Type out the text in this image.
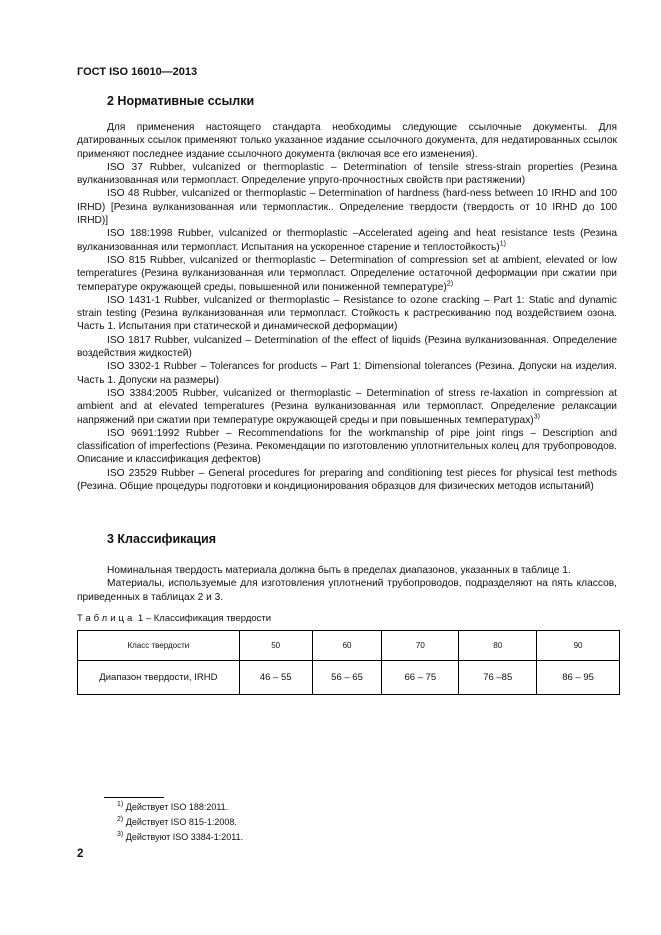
ГОСТ ISO 16010—2013
2 Нормативные ссылки

Для применения настоящего стандарта необходимы следующие ссылочные документы. Для датированных ссылок применяют только указанное издание ссылочного документа, для недатированных ссылок применяют последнее издание ссылочного документа (включая все его изменения).

ISO 37 Rubber, vulcanized or thermoplastic – Determination of tensile stress-strain properties (Резина вулканизованная или термопласт. Определение упруго-прочностных свойств при растяжении)

ISO 48 Rubber, vulcanized or thermoplastic – Determination of hardness (hard-ness between 10 IRHD and 100 IRHD) [Резина вулканизованная или термопластик.. Определение твердости (твердость от 10 IRHD до 100 IRHD)]

ISO 188:1998 Rubber, vulcanized or thermoplastic –Accelerated ageing and heat resistance tests (Резина вулканизованная или термопласт. Испытания на ускоренное старение и теплостойкость)$^{1)}$

ISO 815 Rubber, vulcanized or thermoplastic – Determination of compression set at ambient, elevated or low temperatures (Резина вулканизованная или термопласт. Определение остаточной деформации при сжатии при температуре окружающей среды, повышенной или пониженной температуре)$^{2)}$

ISO 1431-1 Rubber, vulcanized or thermoplastic – Resistance to ozone cracking – Part 1: Static and dynamic strain testing (Резина вулканизованная или термопласт. Стойкость к растрескиванию под воздействием озона. Часть 1. Испытания при статической и динамической деформации)

ISO 1817 Rubber, vulcanized – Determination of the effect of liquids (Резина вулканизованная. Определение воздействия жидкостей)

ISO 3302-1 Rubber – Tolerances for products – Part 1: Dimensional tolerances (Резина. Допуски на изделия. Часть 1. Допуски на размеры)

ISO 3384:2005 Rubber, vulcanized or thermoplastic – Determination of stress re-laxation in compression at ambient and at elevated temperatures (Резина вулканизованная или термопласт. Определение релаксации напряжений при сжатии при температуре окружающей среды и при повышенных температурах)$^{3)}$

ISO 9691:1992 Rubber – Recommendations for the workmanship of pipe joint rings – Description and classification of imperfections (Резина. Рекомендации по изготовлению уплотнительных колец для трубопроводов. Описание и классификация дефектов)

ISO 23529 Rubber – General procedures for preparing and conditioning test pieces for physical test methods (Резина. Общие процедуры подготовки и кондиционирования образцов для физических методов испытаний)

3 Классификация

Номинальная твердость материала должна быть в пределах диапазонов, указанных в таблице 1.

Материалы, используемые для изготовления уплотнений трубопроводов, подразделяют на пять классов, приведенных в таблицах 2 и 3.

Таблица 1 – Классификация твердости
Класс твердости	50	60	70	80	90
Диапазон твердости, IRHD	46 – 55	56 – 65	66 – 75	76 –85	86 – 95
$^{1)}$ Действует ISO 188:2011.
$^{2)}$ Действует ISO 815-1:2008.
$^{3)}$ Действуют ISO 3384-1:2011.
2
